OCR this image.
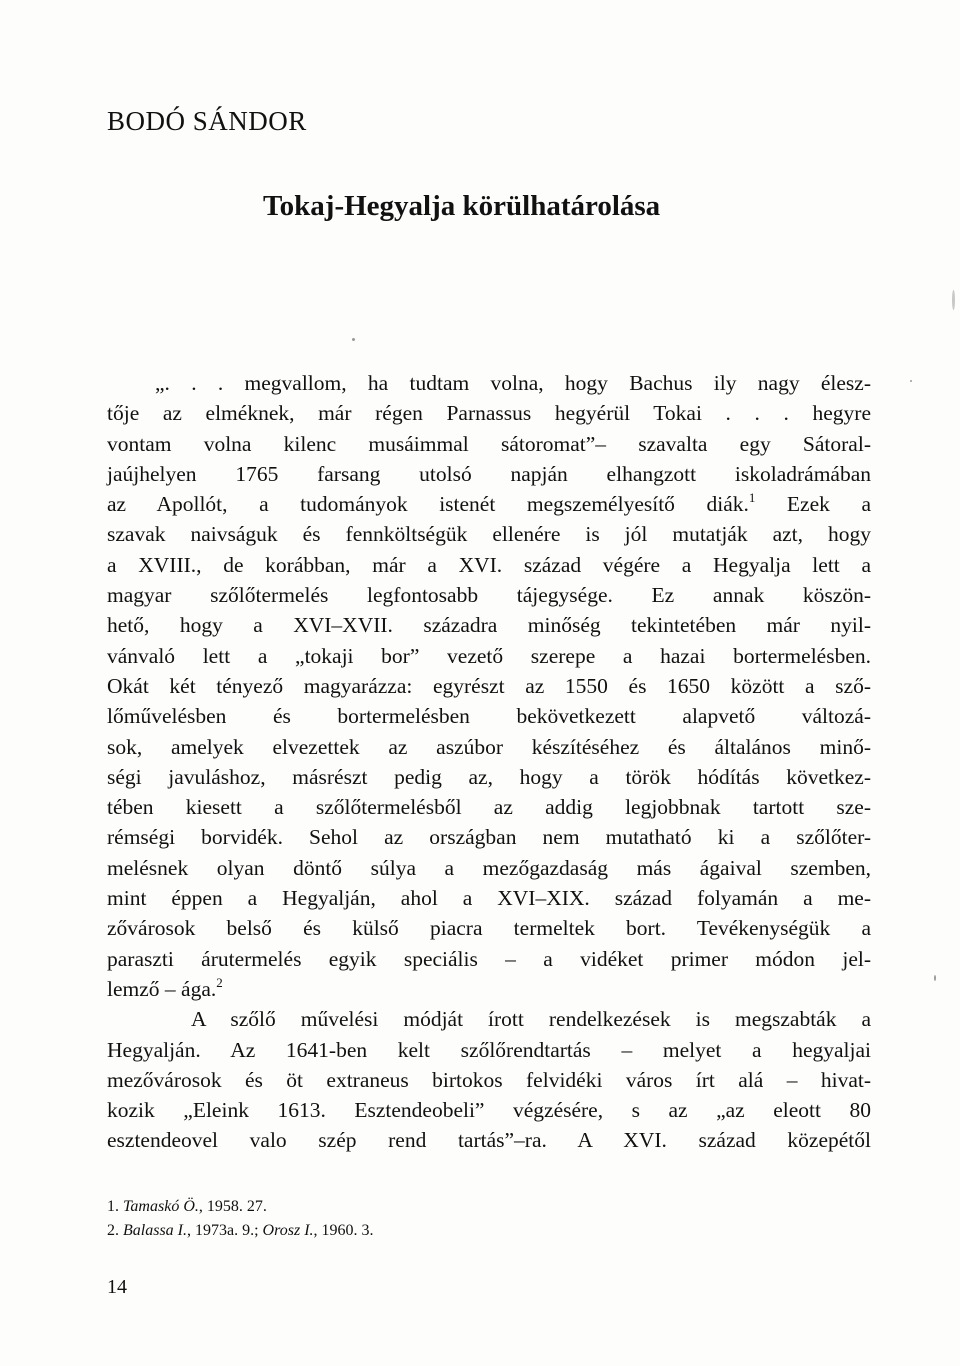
BODÓ SÁNDOR
Tokaj-Hegyalja körülhatárolása
„. . . megvallom, ha tudtam volna, hogy Bachus ily nagy élesz-
tője az elméknek, már régen Parnassus hegyérül Tokai . . . hegyre
vontam volna kilenc musáimmal sátoromat”– szavalta egy Sátoral-
jaújhelyen 1765 farsang utolsó napján elhangzott iskoladrámában
az Apollót, a tudományok istenét megszemélyesítő diák.$^1$ Ezek a
szavak naivságuk és fennköltségük ellenére is jól mutatják azt, hogy
a XVIII., de korábban, már a XVI. század végére a Hegyalja lett a
magyar szőlőtermelés legfontosabb tájegysége. Ez annak köszön-
hető, hogy a XVI–XVII. századra minőség tekintetében már nyil-
vánvaló lett a „tokaji bor” vezető szerepe a hazai bortermelésben.
Okát két tényező magyarázza: egyrészt az 1550 és 1650 között a sző-
lőművelésben és bortermelésben bekövetkezett alapvető változá-
sok, amelyek elvezettek az aszúbor készítéséhez és általános minő-
ségi javuláshoz, másrészt pedig az, hogy a török hódítás következ-
tében kiesett a szőlőtermelésből az addig legjobbnak tartott sze-
rémségi borvidék. Sehol az országban nem mutatható ki a szőlőter-
melésnek olyan döntő súlya a mezőgazdaság más ágaival szemben,
mint éppen a Hegyalján, ahol a XVI–XIX. század folyamán a me-
zővárosok belső és külső piacra termeltek bort. Tevékenységük a
paraszti árutermelés egyik speciális – a vidéket primer módon jel-
lemző – ága.$^2$
A szőlő művelési módját írott rendelkezések is megszabták a
Hegyalján. Az 1641-ben kelt szőlőrendtartás – melyet a hegyaljai
mezővárosok és öt extraneus birtokos felvidéki város írt alá – hivat-
kozik „Eleink 1613. Esztendeobeli” végzésére, s az „az eleott 80
esztendeovel valo szép rend tartás”–ra. A XVI. század közepétől
1. Tamaskó Ö., 1958. 27.
2. Balassa I., 1973a. 9.; Orosz I., 1960. 3.
14
